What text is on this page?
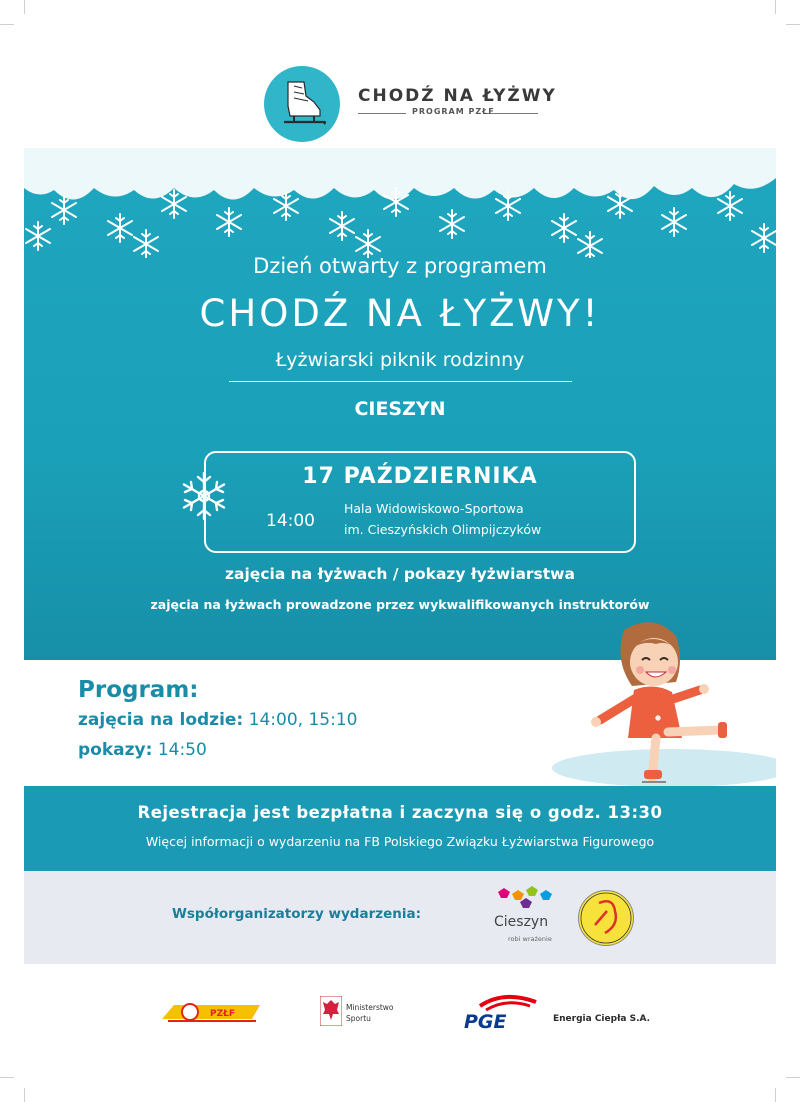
CHODŹ NA ŁYŻWY
PROGRAM PZŁF
Dzień otwarty z programem
CHODŹ NA ŁYŻWY!
Łyżwiarski piknik rodzinny
CIESZYN
17 PAŹDZIERNIKA
14:00
Hala Widowiskowo-Sportowa
im. Cieszyńskich Olimpijczyków
zajęcia na łyżwach / pokazy łyżwiarstwa
zajęcia na łyżwach prowadzone przez wykwalifikowanych instruktorów
Program:
zajęcia na lodzie: 14:00, 15:10
pokazy: 14:50
Rejestracja jest bezpłatna i zaczyna się o godz. 13:30
Więcej informacji o wydarzeniu na FB Polskiego Związku Łyżwiarstwa Figurowego
Współorganizatorzy wydarzenia:	Cieszyn
robi wrażenie
PZŁF
Ministerstwo
Sportu	PGE	Energia Ciepła S.A.
